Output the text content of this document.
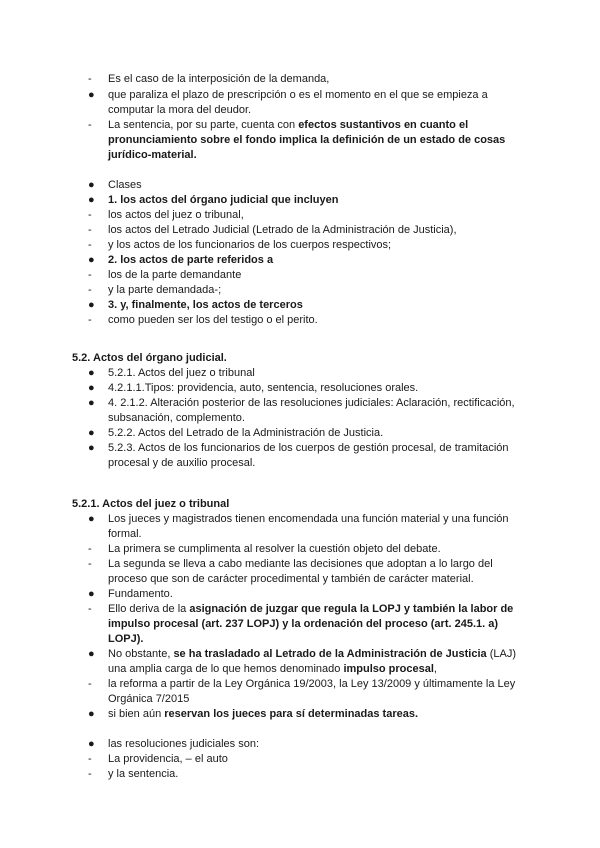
-	Es el caso de la interposición de la demanda,
●	que paraliza el plazo de prescripción o es el momento en el que se empieza a computar la mora del deudor.
-	La sentencia, por su parte, cuenta con efectos sustantivos en cuanto el pronunciamiento sobre el fondo implica la definición de un estado de cosas jurídico-material.
●	Clases
●	1. los actos del órgano judicial que incluyen
-	los actos del juez o tribunal,
-	los actos del Letrado Judicial (Letrado de la Administración de Justicia),
-	y los actos de los funcionarios de los cuerpos respectivos;
●	2. los actos de parte referidos a
-	los de la parte demandante
-	y la parte demandada-;
●	3. y, finalmente, los actos de terceros
-	como pueden ser los del testigo o el perito.
5.2. Actos del órgano judicial.
●	5.2.1. Actos del juez o tribunal
●	4.2.1.1.Tipos: providencia, auto, sentencia, resoluciones orales.
●	4. 2.1.2. Alteración posterior de las resoluciones judiciales: Aclaración, rectificación, subsanación, complemento.
●	5.2.2. Actos del Letrado de la Administración de Justicia.
●	5.2.3. Actos de los funcionarios de los cuerpos de gestión procesal, de tramitación procesal y de auxilio procesal.
5.2.1. Actos del juez o tribunal
●	Los jueces y magistrados tienen encomendada una función material y una función formal.
-	La primera se cumplimenta al resolver la cuestión objeto del debate.
-	La segunda se lleva a cabo mediante las decisiones que adoptan a lo largo del proceso que son de carácter procedimental y también de carácter material.
●	Fundamento.
-	Ello deriva de la asignación de juzgar que regula la LOPJ y también la labor de impulso procesal (art. 237 LOPJ) y la ordenación del proceso (art. 245.1. a) LOPJ).
●	No obstante, se ha trasladado al Letrado de la Administración de Justicia (LAJ) una amplia carga de lo que hemos denominado impulso procesal,
-	la reforma a partir de la Ley Orgánica 19/2003, la Ley 13/2009 y últimamente la Ley Orgánica 7/2015
●	si bien aún reservan los jueces para sí determinadas tareas.
●	las resoluciones judiciales son:
-	La providencia, – el auto
-	y la sentencia.
